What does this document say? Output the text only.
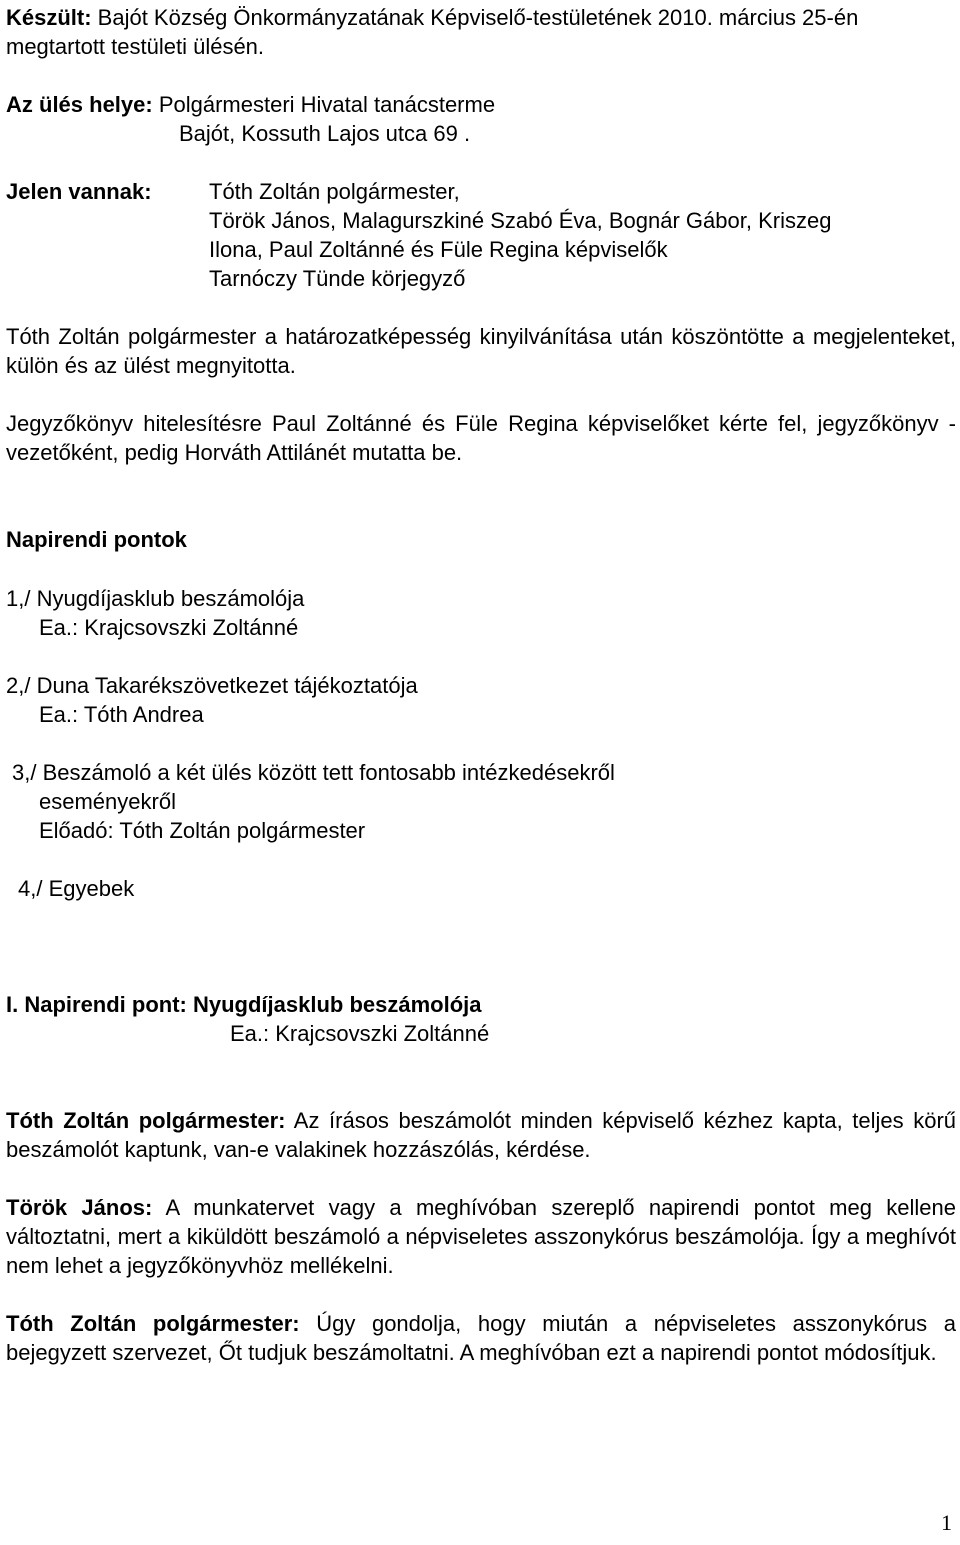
Készült: Bajót Község Önkormányzatának Képviselő-testületének 2010. március 25-én megtartott testületi ülésén.

Az ülés helye: Polgármesteri Hivatal tanácsterme
Bajót, Kossuth Lajos utca 69 .
Jelen vannak:	Tóth Zoltán polgármester,
Török János, Malagurszkiné Szabó Éva, Bognár Gábor, Kriszeg
Ilona, Paul Zoltánné és Füle Regina képviselők
Tarnóczy Tünde körjegyző

Tóth Zoltán polgármester a határozatképesség kinyilvánítása után köszöntötte a megjelenteket, külön és az ülést megnyitotta.

Jegyzőkönyv hitelesítésre Paul Zoltánné és Füle Regina képviselőket kérte fel, jegyzőkönyv - vezetőként, pedig Horváth Attilánét mutatta be.

Napirendi pontok
1,/ Nyugdíjasklub beszámolója
Ea.: Krajcsovszki Zoltánné
2,/ Duna Takarékszövetkezet tájékoztatója
Ea.: Tóth Andrea
3,/ Beszámoló a két ülés között tett fontosabb intézkedésekről
eseményekről
Előadó: Tóth Zoltán polgármester
4,/ Egyebek
I. Napirendi pont: Nyugdíjasklub beszámolója
Ea.: Krajcsovszki Zoltánné

Tóth Zoltán polgármester: Az írásos beszámolót minden képviselő kézhez kapta, teljes körű beszámolót kaptunk, van-e valakinek hozzászólás, kérdése.

Török János: A munkatervet vagy a meghívóban szereplő napirendi pontot meg kellene változtatni, mert a kiküldött beszámoló a népviseletes asszonykórus beszámolója. Így a meghívót nem lehet a jegyzőkönyvhöz mellékelni.

Tóth Zoltán polgármester: Úgy gondolja, hogy miután a népviseletes asszonykórus a bejegyzett szervezet, Őt tudjuk beszámoltatni. A meghívóban ezt a napirendi pontot módosítjuk.

1
